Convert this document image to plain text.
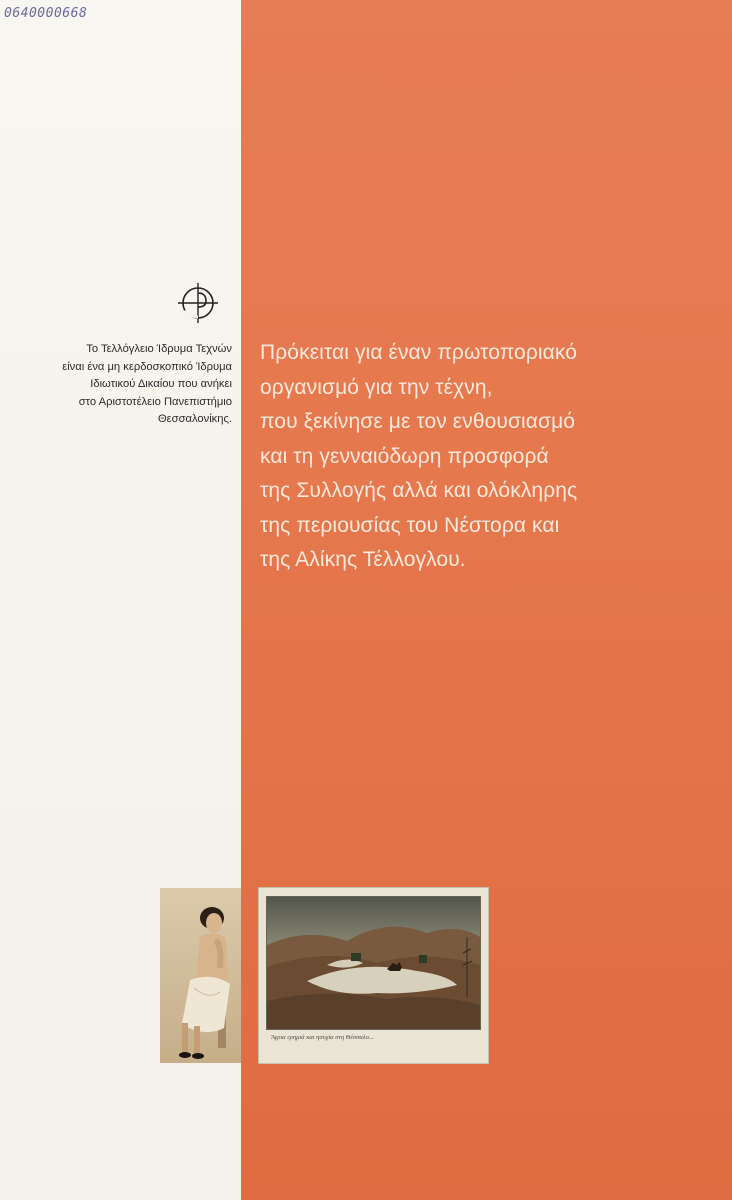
0640000668
Το Τελλόγλειο Ίδρυμα Τεχνών
είναι ένα μη κερδοσκοπικό Ίδρυμα
Ιδιωτικού Δικαίου που ανήκει
στο Αριστοτέλειο Πανεπιστήμιο
Θεσσαλονίκης.
Πρόκειται για έναν πρωτοποριακό
οργανισμό για την τέχνη,
που ξεκίνησε με τον ενθουσιασμό
και τη γενναιόδωρη προσφορά
της Συλλογής αλλά και ολόκληρης
της περιουσίας του Νέστορα και
της Αλίκης Τέλλογλου.
Άγρια ερημιά και ησυχία στη Θέσσαλο...
